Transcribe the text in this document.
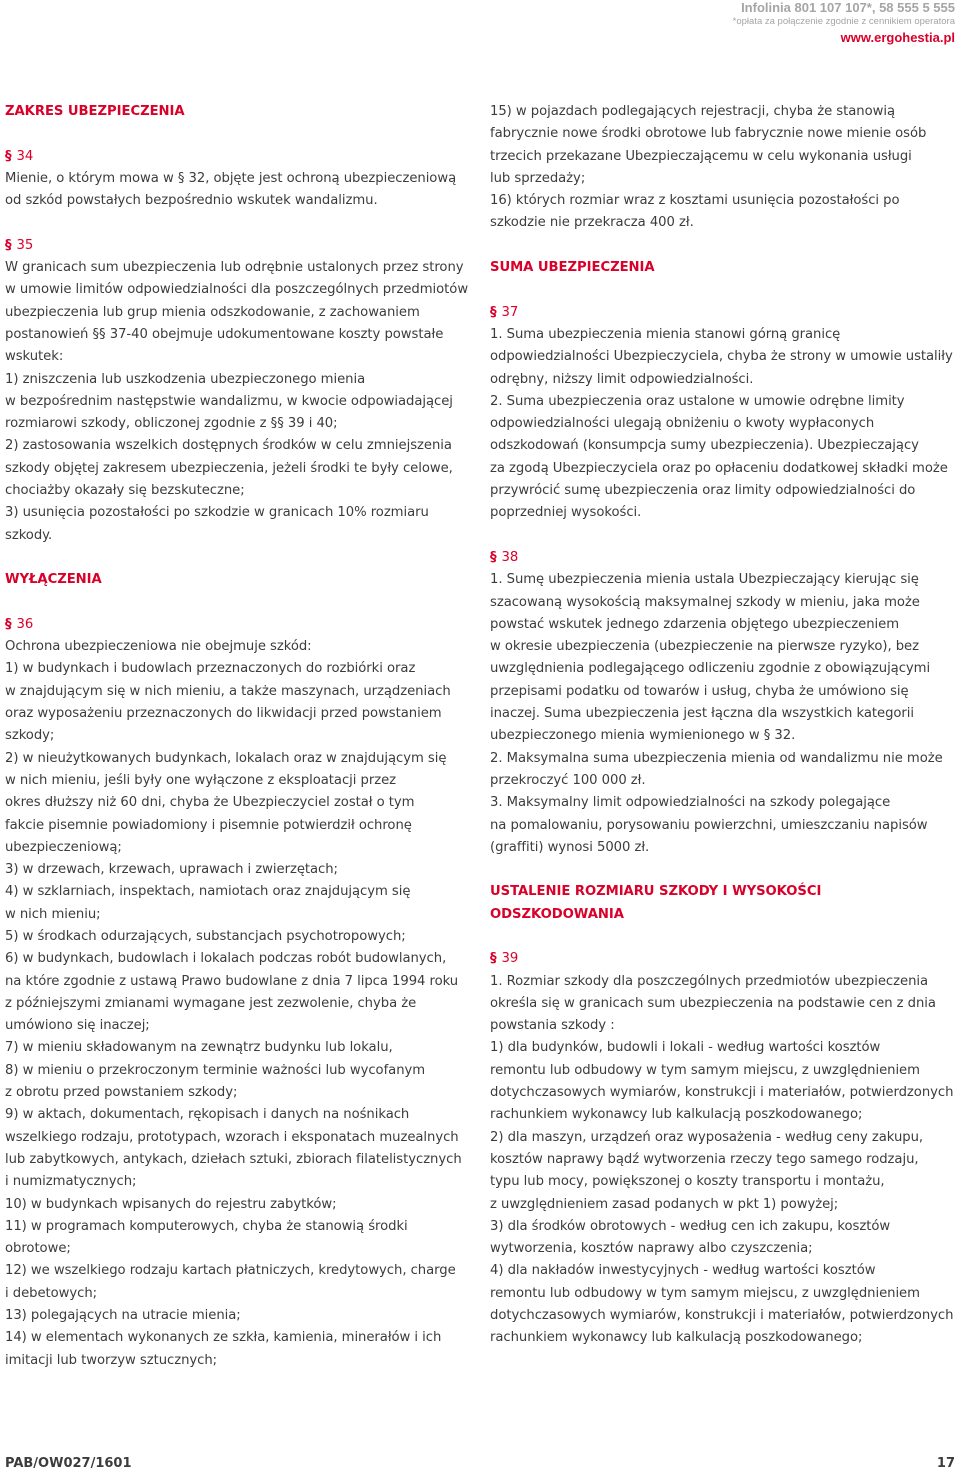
Infolinia 801 107 107*, 58 555 5 555
*opłata za połączenie zgodnie z cennikiem operatora
www.ergohestia.pl

ZAKRES UBEZPIECZENIA

§ 34

Mienie, o którym mowa w § 32, objęte jest ochroną ubezpieczeniową

od szkód powstałych bezpośrednio wskutek wandalizmu.

§ 35

W granicach sum ubezpieczenia lub odrębnie ustalonych przez strony

w umowie limitów odpowiedzialności dla poszczególnych przedmiotów

ubezpieczenia lub grup mienia odszkodowanie, z zachowaniem

postanowień §§ 37-40 obejmuje udokumentowane koszty powstałe

wskutek:

1) zniszczenia lub uszkodzenia ubezpieczonego mienia

w bezpośrednim następstwie wandalizmu, w kwocie odpowiadającej

rozmiarowi szkody, obliczonej zgodnie z §§ 39 i 40;

2) zastosowania wszelkich dostępnych środków w celu zmniejszenia

szkody objętej zakresem ubezpieczenia, jeżeli środki te były celowe,

chociażby okazały się bezskuteczne;

3) usunięcia pozostałości po szkodzie w granicach 10% rozmiaru

szkody.

WYŁĄCZENIA

§ 36

Ochrona ubezpieczeniowa nie obejmuje szkód:

1) w budynkach i budowlach przeznaczonych do rozbiórki oraz

w znajdującym się w nich mieniu, a także maszynach, urządzeniach

oraz wyposażeniu przeznaczonych do likwidacji przed powstaniem

szkody;

2) w nieużytkowanych budynkach, lokalach oraz w znajdującym się

w nich mieniu, jeśli były one wyłączone z eksploatacji przez

okres dłuższy niż 60 dni, chyba że Ubezpieczyciel został o tym

fakcie pisemnie powiadomiony i pisemnie potwierdził ochronę

ubezpieczeniową;

3) w drzewach, krzewach, uprawach i zwierzętach;

4) w szklarniach, inspektach, namiotach oraz znajdującym się

w nich mieniu;

5) w środkach odurzających, substancjach psychotropowych;

6) w budynkach, budowlach i lokalach podczas robót budowlanych,

na które zgodnie z ustawą Prawo budowlane z dnia 7 lipca 1994 roku

z późniejszymi zmianami wymagane jest zezwolenie, chyba że

umówiono się inaczej;

7) w mieniu składowanym na zewnątrz budynku lub lokalu,

8) w mieniu o przekroczonym terminie ważności lub wycofanym

z obrotu przed powstaniem szkody;

9) w aktach, dokumentach, rękopisach i danych na nośnikach

wszelkiego rodzaju, prototypach, wzorach i eksponatach muzealnych

lub zabytkowych, antykach, dziełach sztuki, zbiorach filatelistycznych

i numizmatycznych;

10) w budynkach wpisanych do rejestru zabytków;

11) w programach komputerowych, chyba że stanowią środki

obrotowe;

12) we wszelkiego rodzaju kartach płatniczych, kredytowych, charge

i debetowych;

13) polegających na utracie mienia;

14) w elementach wykonanych ze szkła, kamienia, minerałów i ich

imitacji lub tworzyw sztucznych;

15) w pojazdach podlegających rejestracji, chyba że stanowią

fabrycznie nowe środki obrotowe lub fabrycznie nowe mienie osób

trzecich przekazane Ubezpieczającemu w celu wykonania usługi

lub sprzedaży;

16) których rozmiar wraz z kosztami usunięcia pozostałości po

szkodzie nie przekracza 400 zł.

SUMA UBEZPIECZENIA

§ 37

1. Suma ubezpieczenia mienia stanowi górną granicę

odpowiedzialności Ubezpieczyciela, chyba że strony w umowie ustaliły

odrębny, niższy limit odpowiedzialności.

2. Suma ubezpieczenia oraz ustalone w umowie odrębne limity

odpowiedzialności ulegają obniżeniu o kwoty wypłaconych

odszkodowań (konsumpcja sumy ubezpieczenia). Ubezpieczający

za zgodą Ubezpieczyciela oraz po opłaceniu dodatkowej składki może

przywrócić sumę ubezpieczenia oraz limity odpowiedzialności do

poprzedniej wysokości.

§ 38

1. Sumę ubezpieczenia mienia ustala Ubezpieczający kierując się

szacowaną wysokością maksymalnej szkody w mieniu, jaka może

powstać wskutek jednego zdarzenia objętego ubezpieczeniem

w okresie ubezpieczenia (ubezpieczenie na pierwsze ryzyko), bez

uwzględnienia podlegającego odliczeniu zgodnie z obowiązującymi

przepisami podatku od towarów i usług, chyba że umówiono się

inaczej. Suma ubezpieczenia jest łączna dla wszystkich kategorii

ubezpieczonego mienia wymienionego w § 32.

2. Maksymalna suma ubezpieczenia mienia od wandalizmu nie może

przekroczyć 100 000 zł.

3. Maksymalny limit odpowiedzialności na szkody polegające

na pomalowaniu, porysowaniu powierzchni, umieszczaniu napisów

(graffiti) wynosi 5000 zł.

USTALENIE ROZMIARU SZKODY I WYSOKOŚCI

ODSZKODOWANIA

§ 39

1. Rozmiar szkody dla poszczególnych przedmiotów ubezpieczenia

określa się w granicach sum ubezpieczenia na podstawie cen z dnia

powstania szkody :

1) dla budynków, budowli i lokali - według wartości kosztów

remontu lub odbudowy w tym samym miejscu, z uwzględnieniem

dotychczasowych wymiarów, konstrukcji i materiałów, potwierdzonych

rachunkiem wykonawcy lub kalkulacją poszkodowanego;

2) dla maszyn, urządzeń oraz wyposażenia - według ceny zakupu,

kosztów naprawy bądź wytworzenia rzeczy tego samego rodzaju,

typu lub mocy, powiększonej o koszty transportu i montażu,

z uwzględnieniem zasad podanych w pkt 1) powyżej;

3) dla środków obrotowych - według cen ich zakupu, kosztów

wytworzenia, kosztów naprawy albo czyszczenia;

4) dla nakładów inwestycyjnych - według wartości kosztów

remontu lub odbudowy w tym samym miejscu, z uwzględnieniem

dotychczasowych wymiarów, konstrukcji i materiałów, potwierdzonych

rachunkiem wykonawcy lub kalkulacją poszkodowanego;

PAB/OW027/1601	17
